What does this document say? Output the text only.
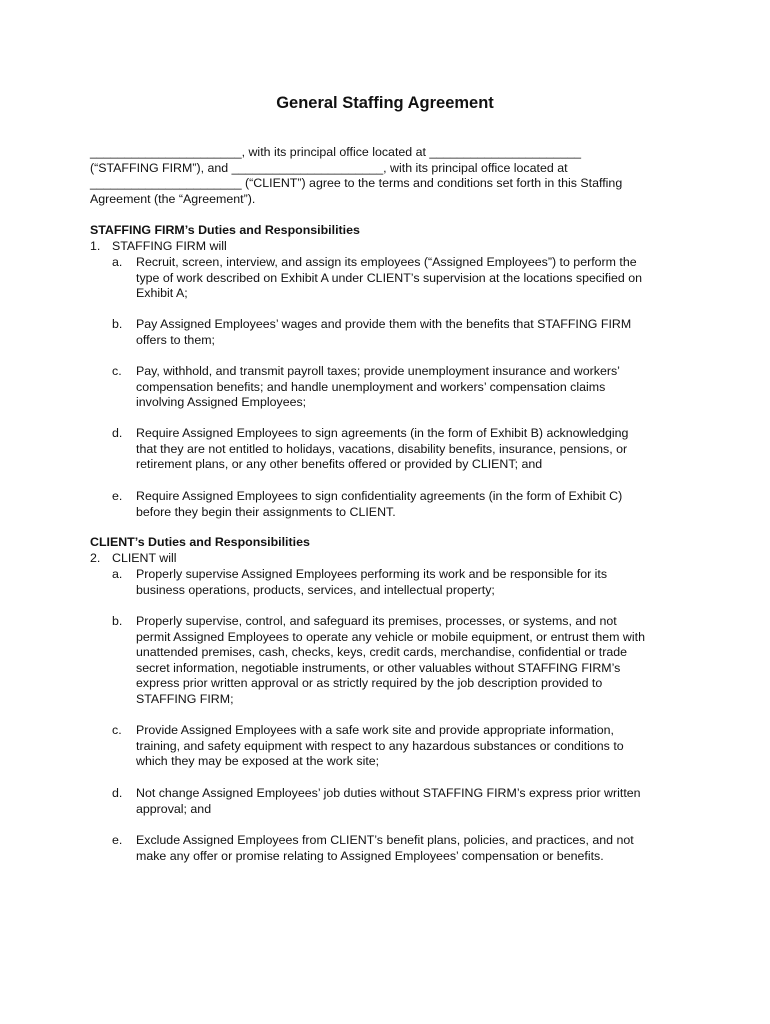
General Staffing Agreement
______________________, with its principal office located at ______________________
(“STAFFING FIRM”), and ______________________, with its principal office located at
______________________ (“CLIENT”) agree to the terms and conditions set forth in this Staffing
Agreement (the “Agreement”).
STAFFING FIRM’s Duties and Responsibilities
1. STAFFING FIRM will
a.	Recruit, screen, interview, and assign its employees (“Assigned Employees”) to perform the
type of work described on Exhibit A under CLIENT’s supervision at the locations specified on
Exhibit A;
b.	Pay Assigned Employees’ wages and provide them with the benefits that STAFFING FIRM
offers to them;
c.	Pay, withhold, and transmit payroll taxes; provide unemployment insurance and workers’
compensation benefits; and handle unemployment and workers’ compensation claims
involving Assigned Employees;
d.	Require Assigned Employees to sign agreements (in the form of Exhibit B) acknowledging
that they are not entitled to holidays, vacations, disability benefits, insurance, pensions, or
retirement plans, or any other benefits offered or provided by CLIENT; and
e.	Require Assigned Employees to sign confidentiality agreements (in the form of Exhibit C)
before they begin their assignments to CLIENT.
CLIENT’s Duties and Responsibilities
2. CLIENT will
a.	Properly supervise Assigned Employees performing its work and be responsible for its
business operations, products, services, and intellectual property;
b.	Properly supervise, control, and safeguard its premises, processes, or systems, and not
permit Assigned Employees to operate any vehicle or mobile equipment, or entrust them with
unattended premises, cash, checks, keys, credit cards, merchandise, confidential or trade
secret information, negotiable instruments, or other valuables without STAFFING FIRM’s
express prior written approval or as strictly required by the job description provided to
STAFFING FIRM;
c.	Provide Assigned Employees with a safe work site and provide appropriate information,
training, and safety equipment with respect to any hazardous substances or conditions to
which they may be exposed at the work site;
d.	Not change Assigned Employees’ job duties without STAFFING FIRM’s express prior written
approval; and
e.	Exclude Assigned Employees from CLIENT’s benefit plans, policies, and practices, and not
make any offer or promise relating to Assigned Employees’ compensation or benefits.
